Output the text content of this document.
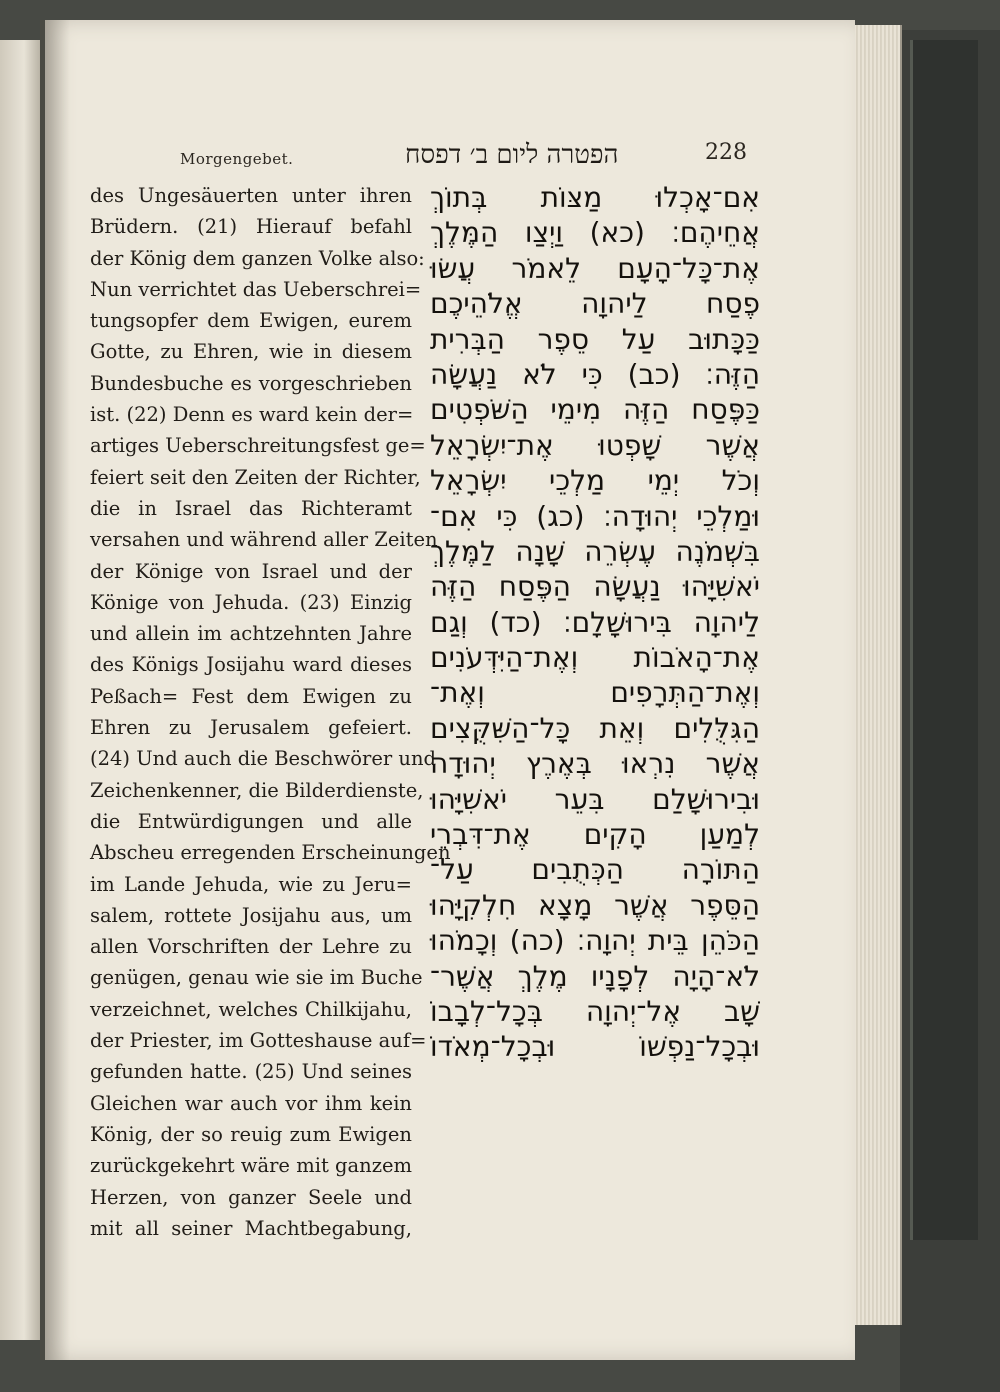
Morgengebet.	הפטרה ליום ב׳ דפסח	228
des Ungesäuerten unter ihren
Brüdern. (21) Hierauf befahl
der König dem ganzen Volke also:
Nun verrichtet das Ueberschrei=
tungsopfer dem Ewigen, eurem
Gotte, zu Ehren, wie in diesem
Bundesbuche es vorgeschrieben
ist. (22) Denn es ward kein der=
artiges Ueberschreitungsfest ge=
feiert seit den Zeiten der Richter,
die in Israel das Richteramt
versahen und während aller Zeiten
der Könige von Israel und der
Könige von Jehuda. (23) Einzig
und allein im achtzehnten Jahre
des Königs Josijahu ward dieses
Peßach= Fest dem Ewigen zu
Ehren zu Jerusalem gefeiert.
(24) Und auch die Beschwörer und
Zeichenkenner, die Bilderdienste,
die Entwürdigungen und alle
Abscheu erregenden Erscheinungen
im Lande Jehuda, wie zu Jeru=
salem, rottete Josijahu aus, um
allen Vorschriften der Lehre zu
genügen, genau wie sie im Buche
verzeichnet, welches Chilkijahu,
der Priester, im Gotteshause auf=
gefunden hatte. (25) Und seines
Gleichen war auch vor ihm kein
König, der so reuig zum Ewigen
zurückgekehrt wäre mit ganzem
Herzen, von ganzer Seele und
mit all seiner Machtbegabung,
אִם־אָכְלוּ מַצּוֹת בְּתוֹךְ
אֲחֵיהֶם׃ (כא) וַיְצַו הַמֶּלֶךְ
אֶת־כָּל־הָעָם לֵאמֹר עֲשׂוּ
פֶסַח לַיהוָה אֱלֹהֵיכֶם
כַּכָּתוּב עַל סֵפֶר הַבְּרִית
הַזֶּה׃ (כב) כִּי לֹא נַעֲשָׂה
כַּפֶּסַח הַזֶּה מִימֵי הַשֹּׁפְטִים
אֲשֶׁר שָׁפְטוּ אֶת־יִשְׂרָאֵל
וְכֹל יְמֵי מַלְכֵי יִשְׂרָאֵל
וּמַלְכֵי יְהוּדָה׃ (כג) כִּי אִם־
בִּשְׁמֹנֶה עֶשְׂרֵה שָׁנָה לַמֶּלֶךְ
יֹאשִׁיָּהוּ נַעֲשָׂה הַפֶּסַח הַזֶּה
לַיהוָה בִּירוּשָׁלִָם׃ (כד) וְגַם
אֶת־הָאֹבוֹת וְאֶת־הַיִּדְּעֹנִים
וְאֶת־הַתְּרָפִים וְאֶת־
הַגִּלֻּלִים וְאֵת כָּל־הַשִּׁקֻּצִים
אֲשֶׁר נִרְאוּ בְּאֶרֶץ יְהוּדָה
וּבִירוּשָׁלִַם בִּעֵר יֹאשִׁיָּהוּ
לְמַעַן הָקִים אֶת־דִּבְרֵי
הַתּוֹרָה הַכְּתֻבִים עַל־
הַסֵּפֶר אֲשֶׁר מָצָא חִלְקִיָּהוּ
הַכֹּהֵן בֵּית יְהוָה׃ (כה) וְכָמֹהוּ
לֹא־הָיָה לְפָנָיו מֶלֶךְ אֲשֶׁר־
שָׁב אֶל־יְהוָה בְּכָל־לְבָבוֹ
וּבְכָל־נַפְשׁוֹ וּבְכָל־מְאֹדוֹ
